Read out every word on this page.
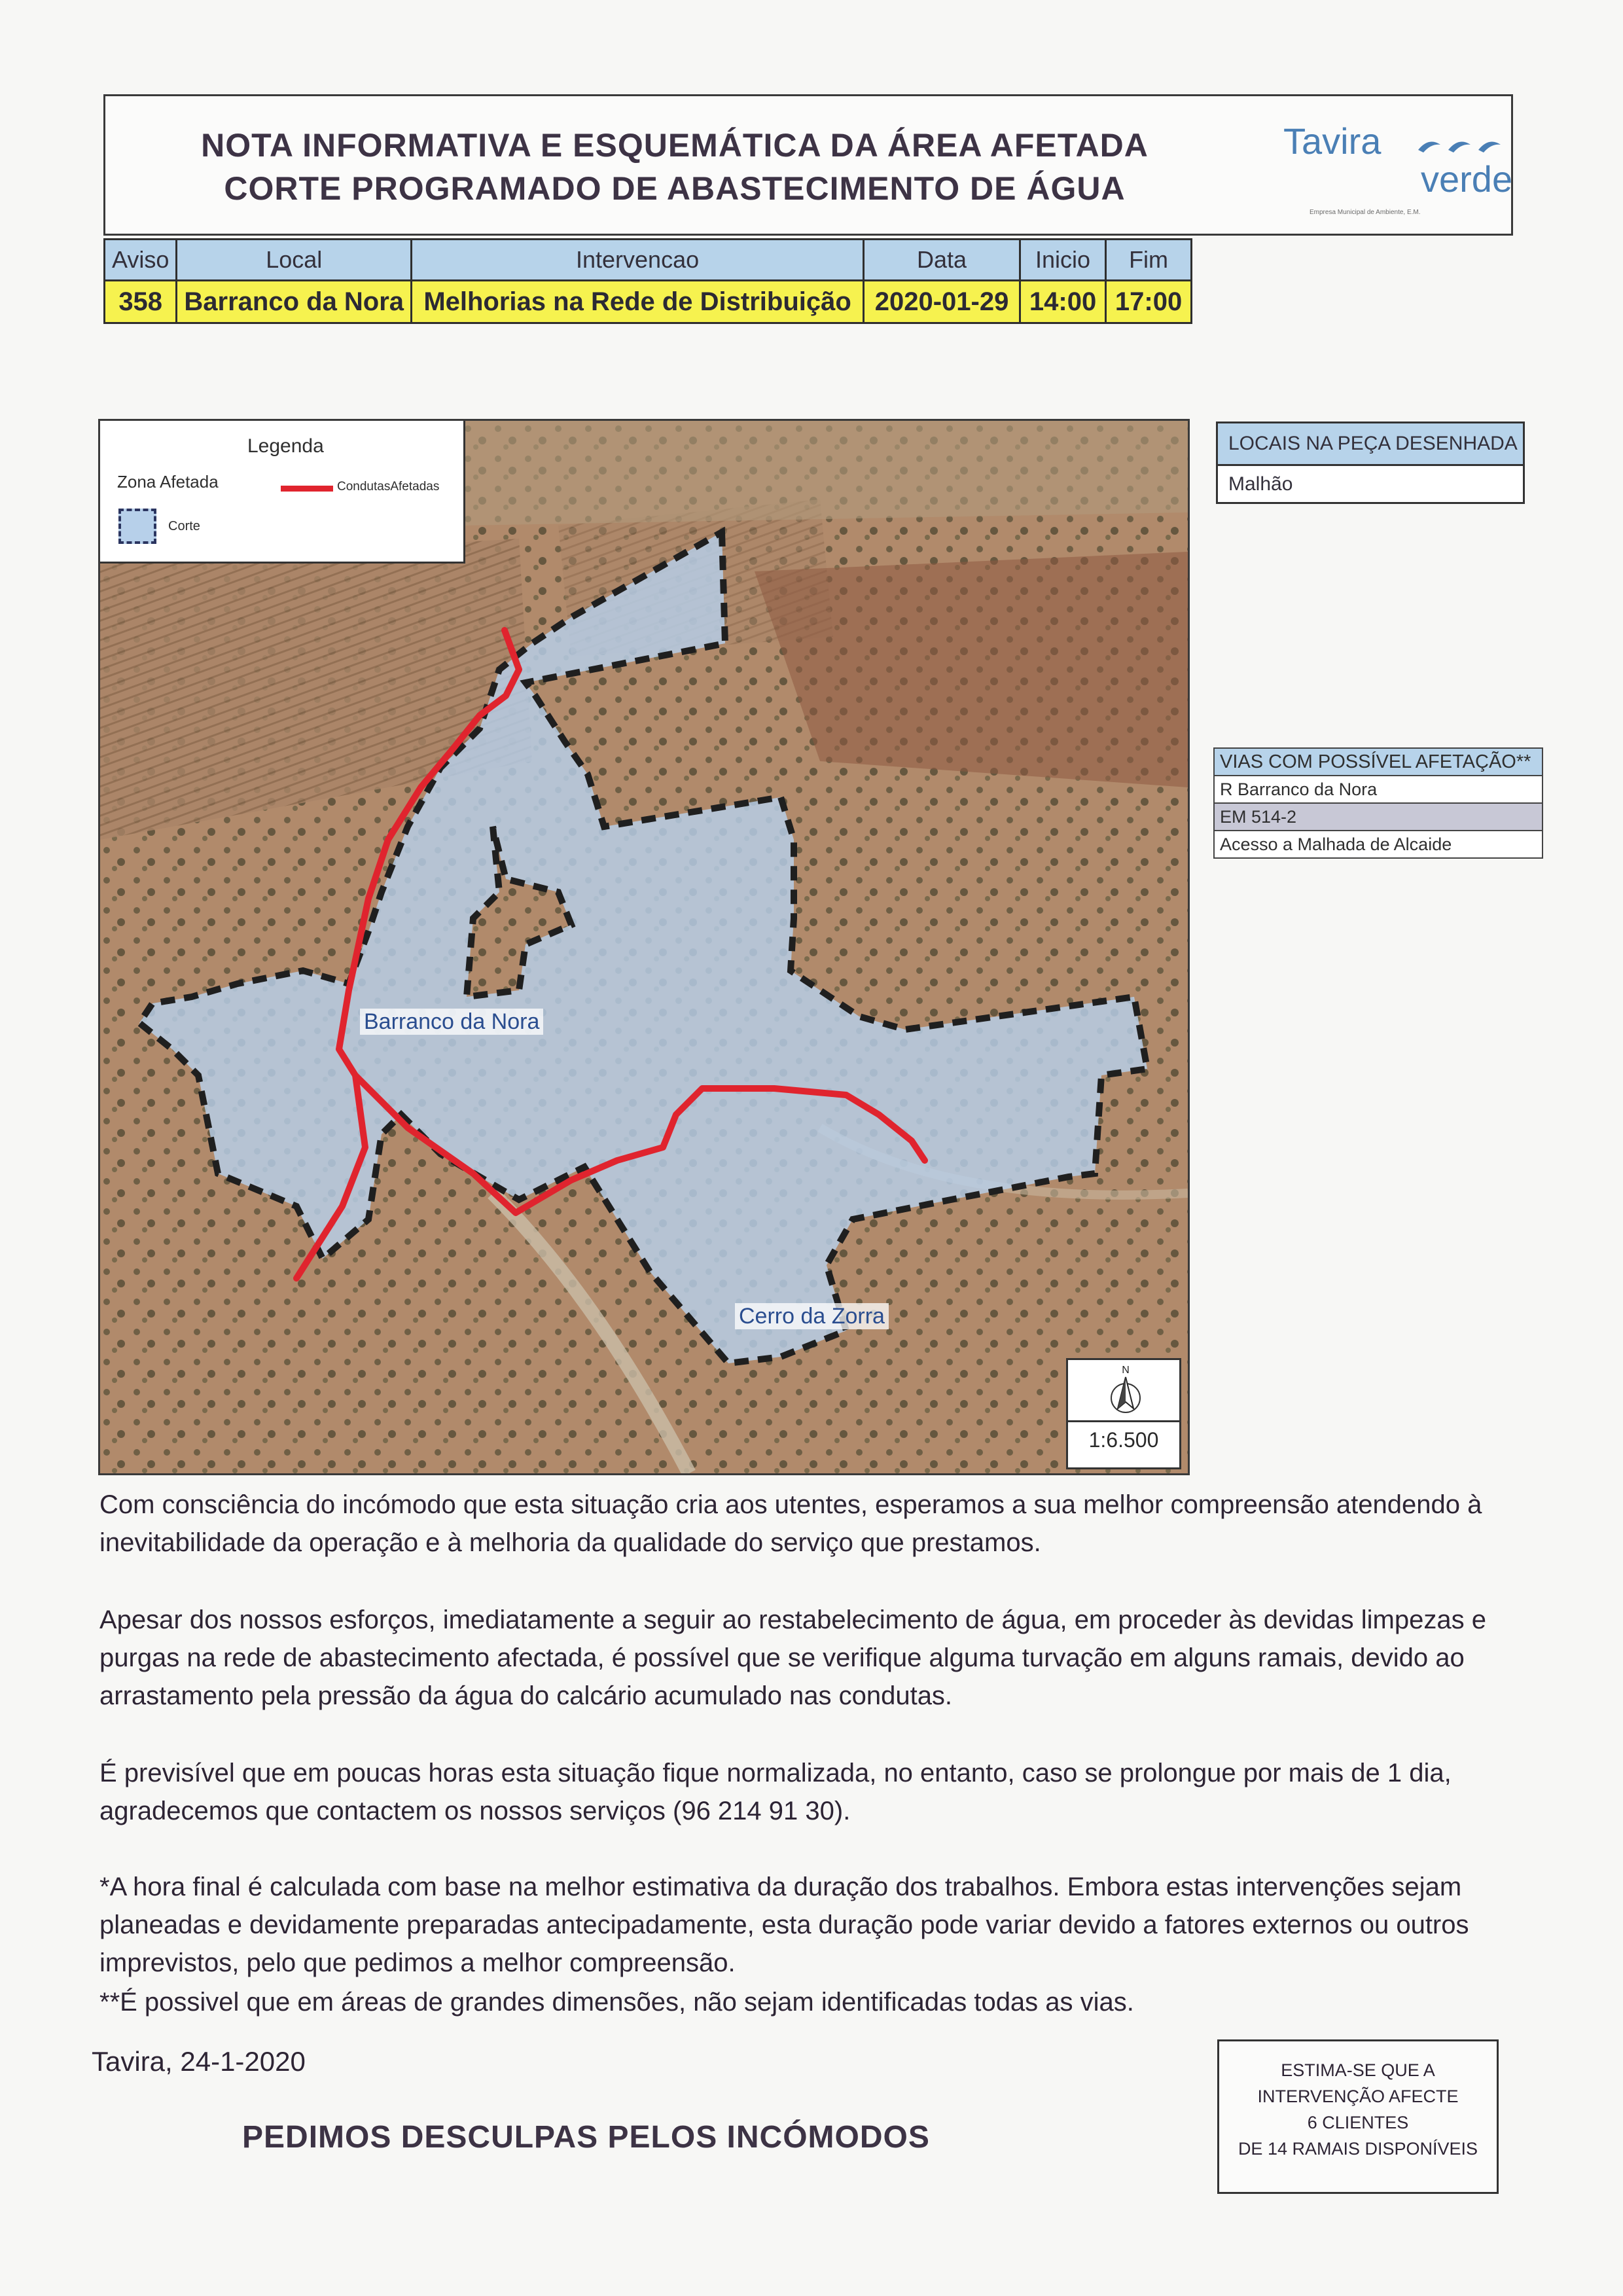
NOTA INFORMATIVA E ESQUEMÁTICA DA ÁREA AFETADA
CORTE PROGRAMADO DE ABASTECIMENTO DE ÁGUA
Tavira
verde
Empresa Municipal de Ambiente, E.M.
Aviso	Local	Intervencao	Data	Inicio	Fim
358	Barranco da Nora	Melhorias na Rede de Distribuição	2020-01-29	14:00	17:00
Legenda
Zona Afetada	CondutasAfetadas
Corte
Barranco da Nora
Cerro da Zorra
N
1:6.500
LOCAIS NA PEÇA DESENHADA
Malhão
VIAS COM POSSÍVEL AFETAÇÃO**
R Barranco da Nora
EM 514-2
Acesso a Malhada de Alcaide
Com consciência do incómodo que esta situação cria aos utentes, esperamos a sua melhor compreensão atendendo à inevitabilidade da operação e à melhoria da qualidade do serviço que prestamos.
Apesar dos nossos esforços, imediatamente a seguir ao restabelecimento de água, em proceder às devidas limpezas e purgas na rede de abastecimento afectada, é possível que se verifique alguma turvação em alguns ramais, devido ao arrastamento pela pressão da água do calcário acumulado nas condutas.
É previsível que em poucas horas esta situação fique normalizada, no entanto, caso se prolongue por mais de 1 dia, agradecemos que contactem os nossos serviços (96 214 91 30).
*A hora final é calculada com base na melhor estimativa da duração dos trabalhos. Embora estas intervenções sejam planeadas e devidamente preparadas antecipadamente, esta duração pode variar devido a fatores externos ou outros imprevistos, pelo que pedimos a melhor compreensão.
**É possivel que em áreas de grandes dimensões, não sejam identificadas todas as vias.
Tavira, 24-1-2020
PEDIMOS DESCULPAS PELOS INCÓMODOS
ESTIMA-SE QUE A
INTERVENÇÃO AFECTE
6 CLIENTES
DE 14 RAMAIS DISPONÍVEIS
